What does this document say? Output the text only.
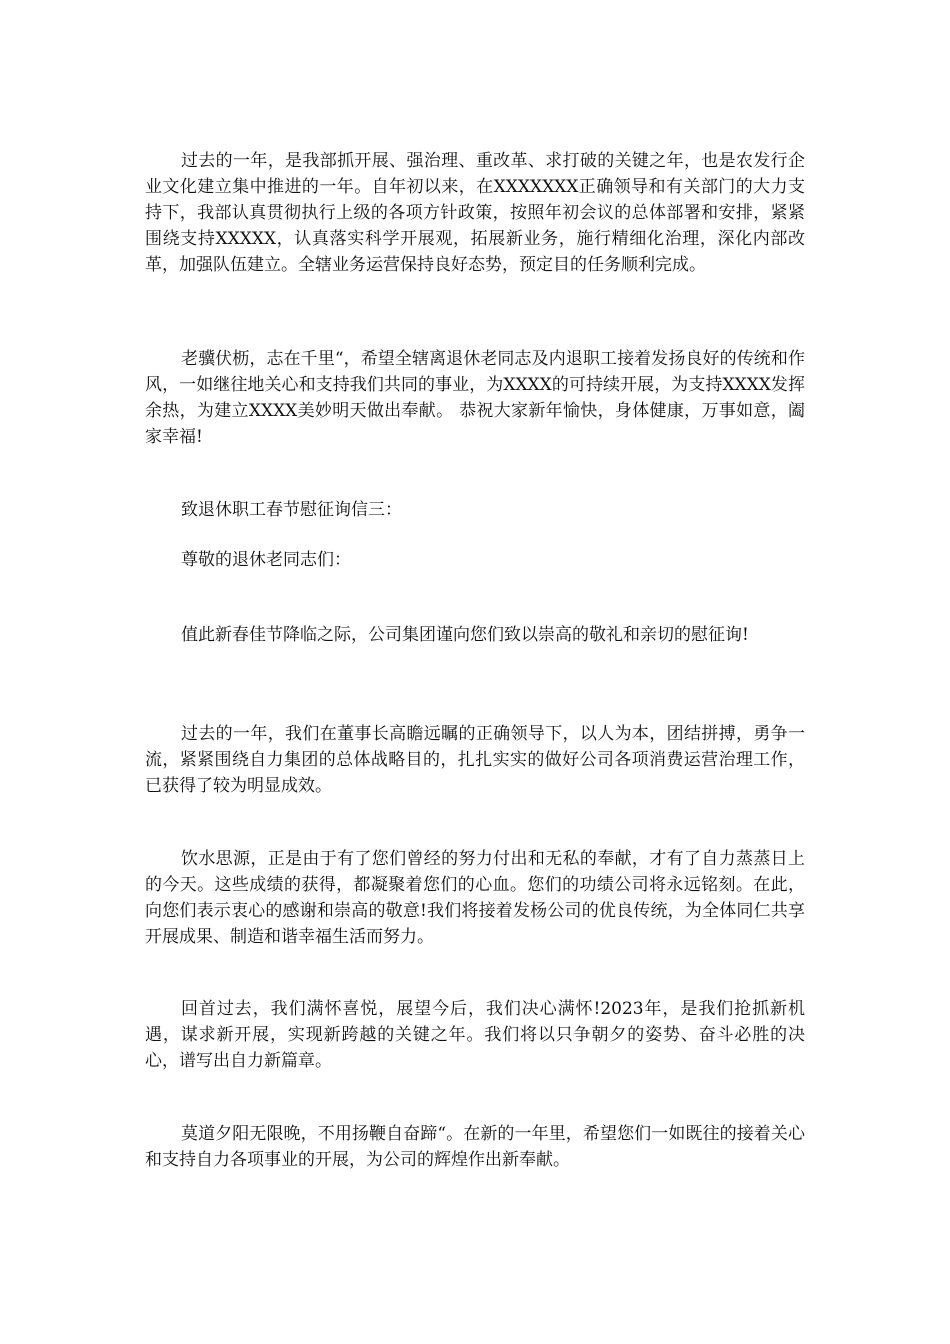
过去的一年，是我部抓开展、强治理、重改革、求打破的关键之年，也是农发行企业文化建立集中推进的一年。自年初以来，在XXXXXXX正确领导和有关部门的大力支持下，我部认真贯彻执行上级的各项方针政策，按照年初会议的总体部署和安排，紧紧围绕支持XXXXX，认真落实科学开展观，拓展新业务，施行精细化治理，深化内部改革，加强队伍建立。全辖业务运营保持良好态势，预定目的任务顺利完成。

老骥伏枥，志在千里“，希望全辖离退休老同志及内退职工接着发扬良好的传统和作风，一如继往地关心和支持我们共同的事业，为XXXX的可持续开展，为支持XXXX发挥余热，为建立XXXX美妙明天做出奉献。 恭祝大家新年愉快，身体健康，万事如意，阖家幸福!

致退休职工春节慰征询信三：

尊敬的退休老同志们：

值此新春佳节降临之际，公司集团谨向您们致以崇高的敬礼和亲切的慰征询!

过去的一年，我们在董事长高瞻远瞩的正确领导下，以人为本，团结拼搏，勇争一流，紧紧围绕自力集团的总体战略目的，扎扎实实的做好公司各项消费运营治理工作，已获得了较为明显成效。

饮水思源，正是由于有了您们曾经的努力付出和无私的奉献，才有了自力蒸蒸日上的今天。这些成绩的获得，都凝聚着您们的心血。您们的功绩公司将永远铭刻。在此，向您们表示衷心的感谢和崇高的敬意!我们将接着发杨公司的优良传统，为全体同仁共享开展成果、制造和谐幸福生活而努力。

回首过去，我们满怀喜悦，展望今后，我们决心满怀!2023年，是我们抢抓新机遇，谋求新开展，实现新跨越的关键之年。我们将以只争朝夕的姿势、奋斗必胜的决心，谱写出自力新篇章。

莫道夕阳无限晚，不用扬鞭自奋蹄“。在新的一年里，希望您们一如既往的接着关心和支持自力各项事业的开展，为公司的辉煌作出新奉献。
